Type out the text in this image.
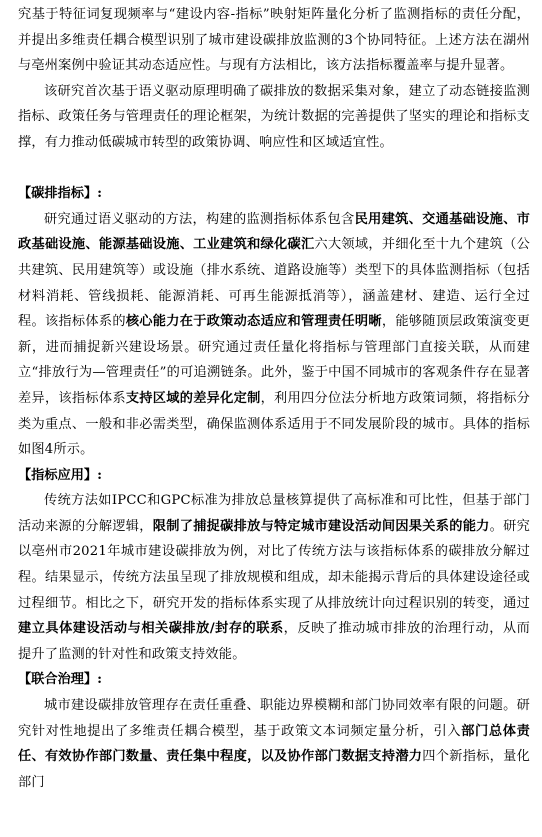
究基于特征词复现频率与“建设内容-指标”映射矩阵量化分析了监测指标的责任分配，并提出多维责任耦合模型识别了城市建设碳排放监测的3个协同特征。上述方法在湖州与亳州案例中验证其动态适应性。与现有方法相比，该方法指标覆盖率与提升显著。

该研究首次基于语义驱动原理明确了碳排放的数据采集对象，建立了动态链接监测指标、政策任务与管理责任的理论框架，为统计数据的完善提供了坚实的理论和指标支撑，有力推动低碳城市转型的政策协调、响应性和区域适宜性。

【碳排指标】:

研究通过语义驱动的方法，构建的监测指标体系包含民用建筑、交通基础设施、市政基础设施、能源基础设施、工业建筑和绿化碳汇六大领域，并细化至十九个建筑（公共建筑、民用建筑等）或设施（排水系统、道路设施等）类型下的具体监测指标（包括材料消耗、管线损耗、能源消耗、可再生能源抵消等），涵盖建材、建造、运行全过程。该指标体系的核心能力在于政策动态适应和管理责任明晰，能够随顶层政策演变更新，进而捕捉新兴建设场景。研究通过责任量化将指标与管理部门直接关联，从而建立“排放行为—管理责任”的可追溯链条。此外，鉴于中国不同城市的客观条件存在显著差异，该指标体系支持区域的差异化定制，利用四分位法分析地方政策词频，将指标分类为重点、一般和非必需类型，确保监测体系适用于不同发展阶段的城市。具体的指标如图4所示。

【指标应用】:

传统方法如IPCC和GPC标准为排放总量核算提供了高标准和可比性，但基于部门活动来源的分解逻辑，限制了捕捉碳排放与特定城市建设活动间因果关系的能力。研究以亳州市2021年城市建设碳排放为例，对比了传统方法与该指标体系的碳排放分解过程。结果显示，传统方法虽呈现了排放规模和组成，却未能揭示背后的具体建设途径或过程细节。相比之下，研究开发的指标体系实现了从排放统计向过程识别的转变，通过建立具体建设活动与相关碳排放/封存的联系，反映了推动城市排放的治理行动，从而提升了监测的针对性和政策支持效能。

【联合治理】:

城市建设碳排放管理存在责任重叠、职能边界模糊和部门协同效率有限的问题。研究针对性地提出了多维责任耦合模型，基于政策文本词频定量分析，引入部门总体责任、有效协作部门数量、责任集中程度，以及协作部门数据支持潜力四个新指标，量化部门
